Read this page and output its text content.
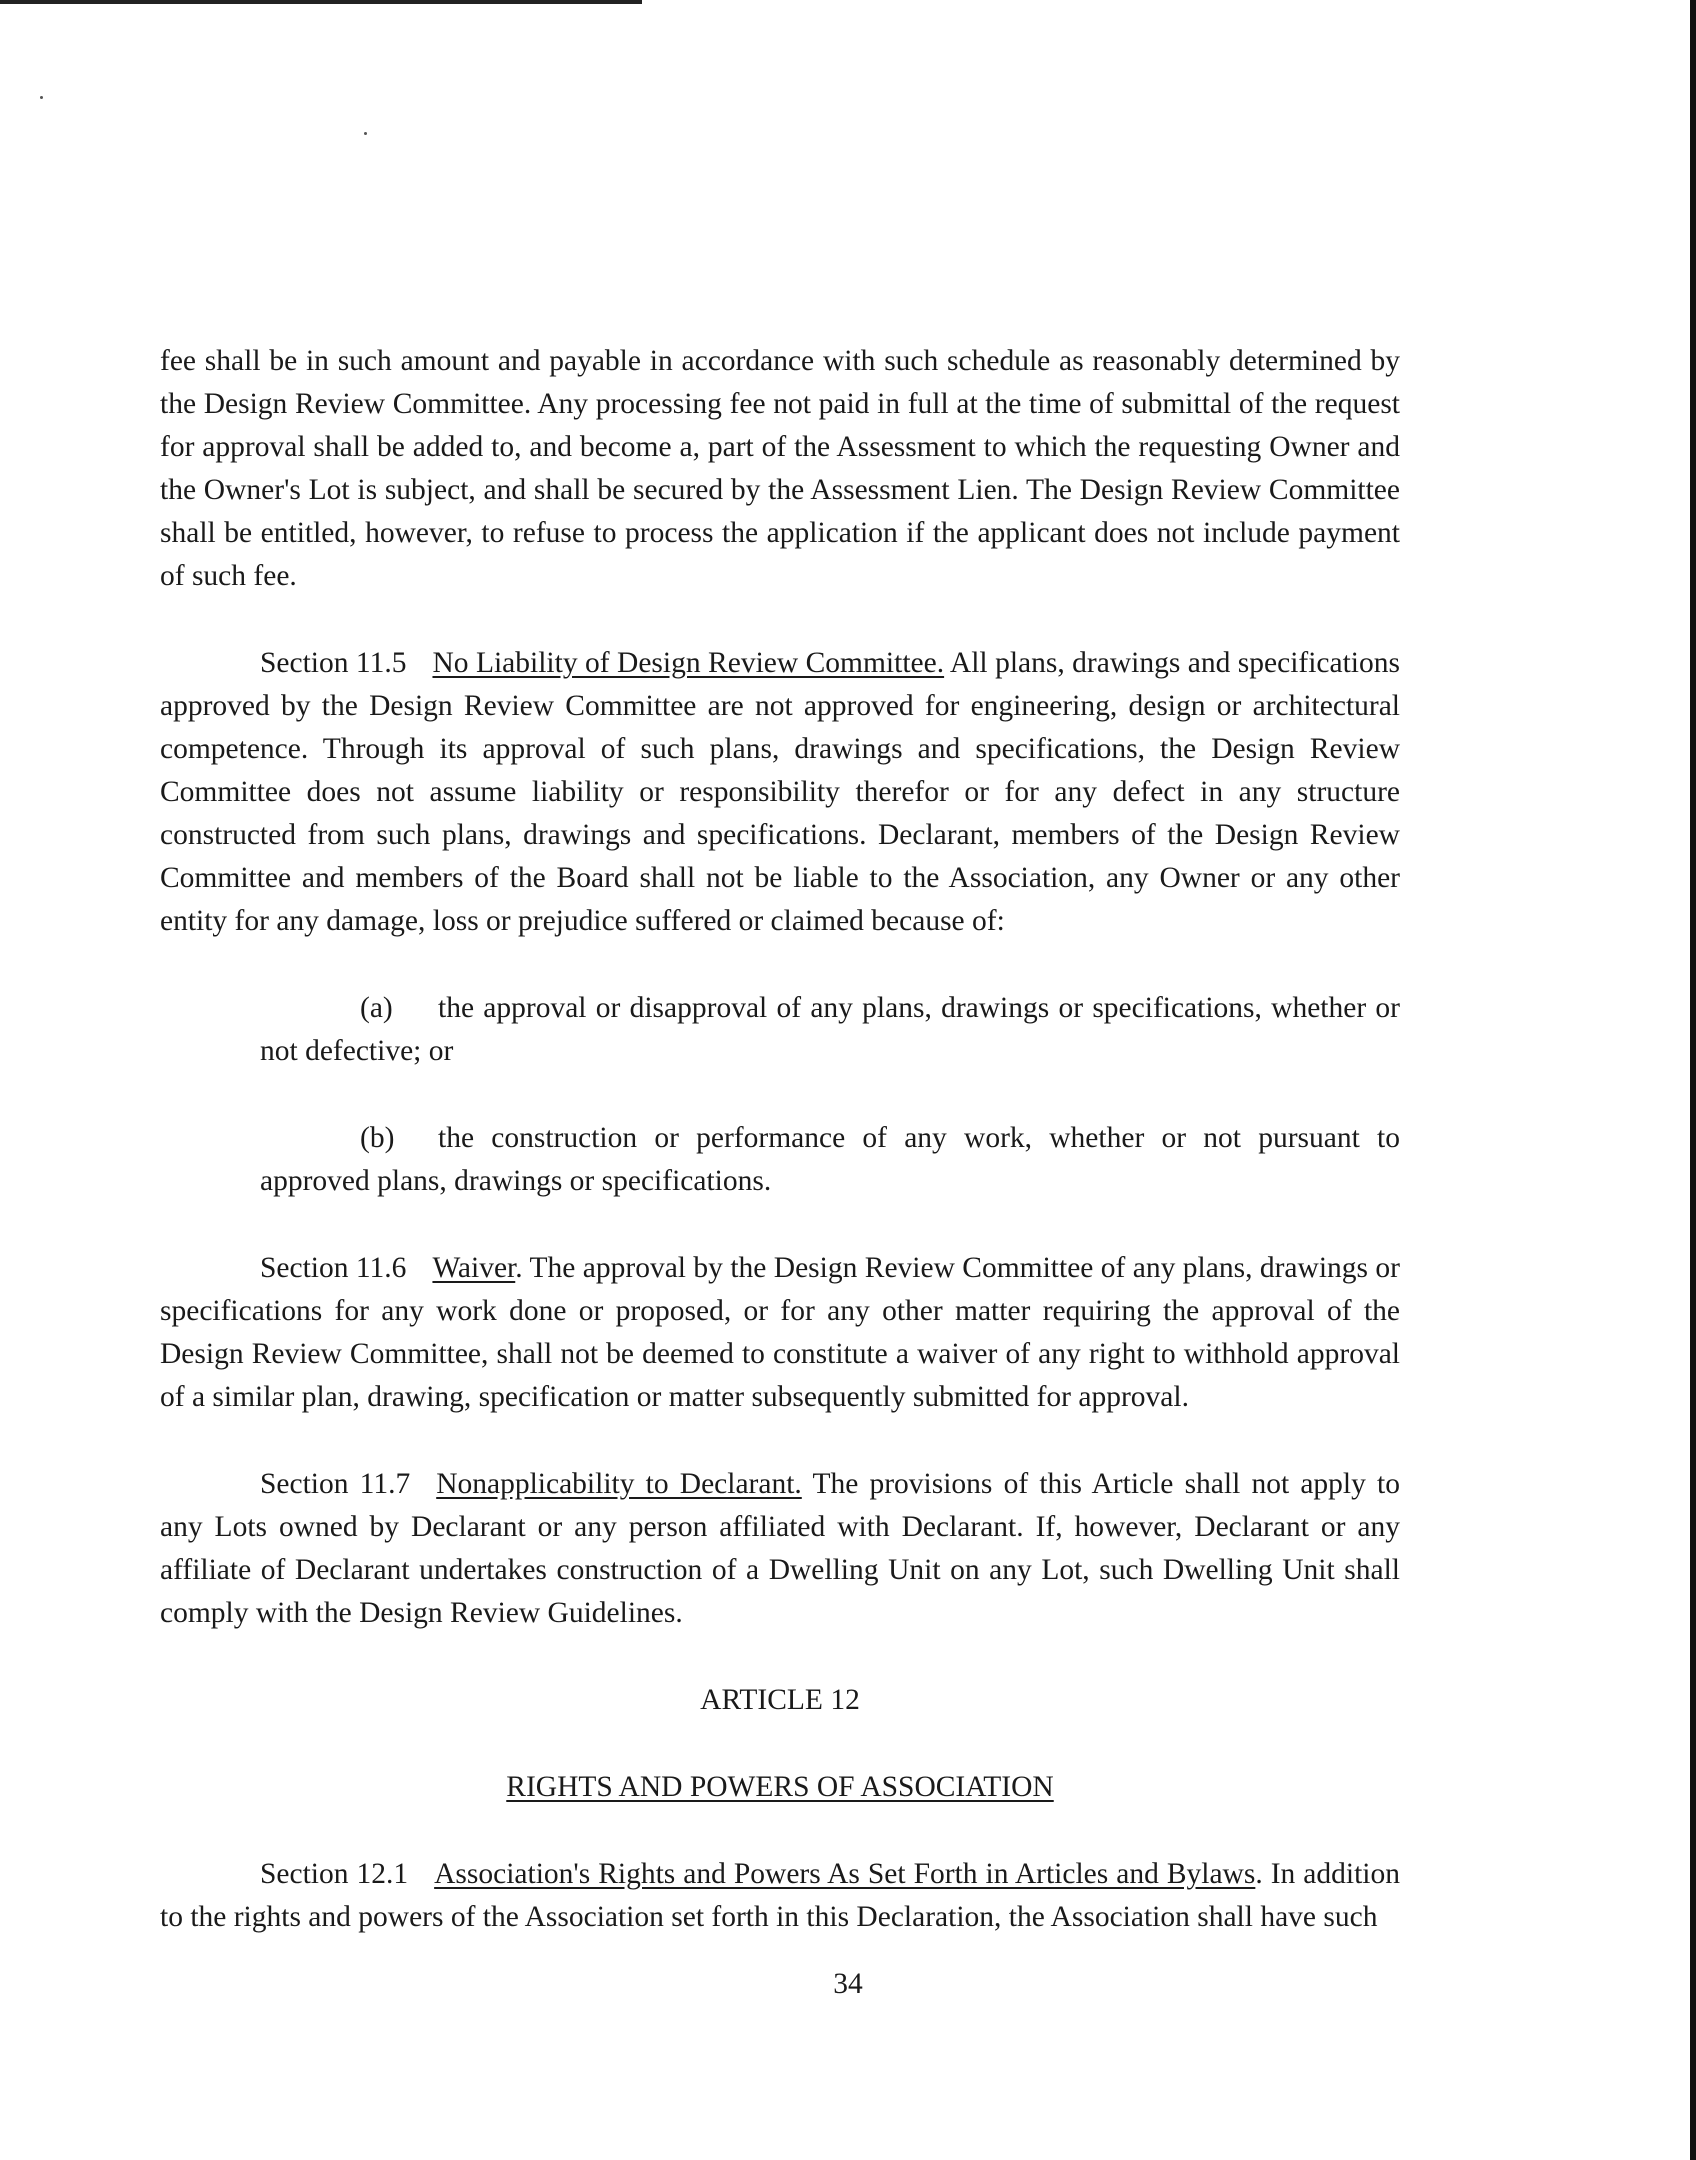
fee shall be in such amount and payable in accordance with such schedule as reasonably determined by the Design Review Committee. Any processing fee not paid in full at the time of submittal of the request for approval shall be added to, and become a, part of the Assessment to which the requesting Owner and the Owner's Lot is subject, and shall be secured by the Assessment Lien. The Design Review Committee shall be entitled, however, to refuse to process the application if the applicant does not include payment of such fee.

Section 11.5 No Liability of Design Review Committee. All plans, drawings and specifications approved by the Design Review Committee are not approved for engineering, design or architectural competence. Through its approval of such plans, drawings and specifications, the Design Review Committee does not assume liability or responsibility therefor or for any defect in any structure constructed from such plans, drawings and specifications. Declarant, members of the Design Review Committee and members of the Board shall not be liable to the Association, any Owner or any other entity for any damage, loss or prejudice suffered or claimed because of:

(a) the approval or disapproval of any plans, drawings or specifications, whether or not defective; or

(b) the construction or performance of any work, whether or not pursuant to approved plans, drawings or specifications.

Section 11.6 Waiver. The approval by the Design Review Committee of any plans, drawings or specifications for any work done or proposed, or for any other matter requiring the approval of the Design Review Committee, shall not be deemed to constitute a waiver of any right to withhold approval of a similar plan, drawing, specification or matter subsequently submitted for approval.

Section 11.7 Nonapplicability to Declarant. The provisions of this Article shall not apply to any Lots owned by Declarant or any person affiliated with Declarant. If, however, Declarant or any affiliate of Declarant undertakes construction of a Dwelling Unit on any Lot, such Dwelling Unit shall comply with the Design Review Guidelines.

ARTICLE 12

RIGHTS AND POWERS OF ASSOCIATION

Section 12.1 Association's Rights and Powers As Set Forth in Articles and Bylaws. In addition to the rights and powers of the Association set forth in this Declaration, the Association shall have such

34
